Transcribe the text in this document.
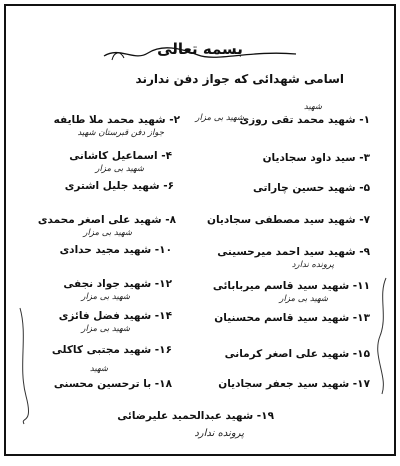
بسمه تعالی
اسامی شهدائی که جواز دفن ندارند
شهید
۱- شهید محمد تقی روزی
شهید بی مزار
۳- سید داود سجادیان
۵- شهید حسین چاراتی
۷- شهید سید مصطفی سجادیان
۹- شهید سید احمد میرحسینی
پرونده ندارد
۱۱- شهید سید قاسم میربابائی
شهید بی مزار
۱۳- شهید سید قاسم محسنیان
۱۵- شهید علی اصغر کرمانی
۱۷- شهید سید جعفر سجادیان
۱۹- شهید عبدالحمید علیرضائی
پرونده ندارد
۲- شهید محمد ملا طایفه
جواز دفن قبرستان شهید
۴- اسماعیل کاشانی
شهید بی مزار
۶- شهید جلیل اشتری
۸- شهید علی اصغر محمدی
شهید بی مزار
۱۰- شهید مجید حدادی
۱۲- شهید جواد نجفی
شهید بی مزار
۱۴- شهید فضل فائزی
شهید بی مزار
۱۶- شهید مجتبی کاکلی
شهید
۱۸- با ترحسین محسنی
